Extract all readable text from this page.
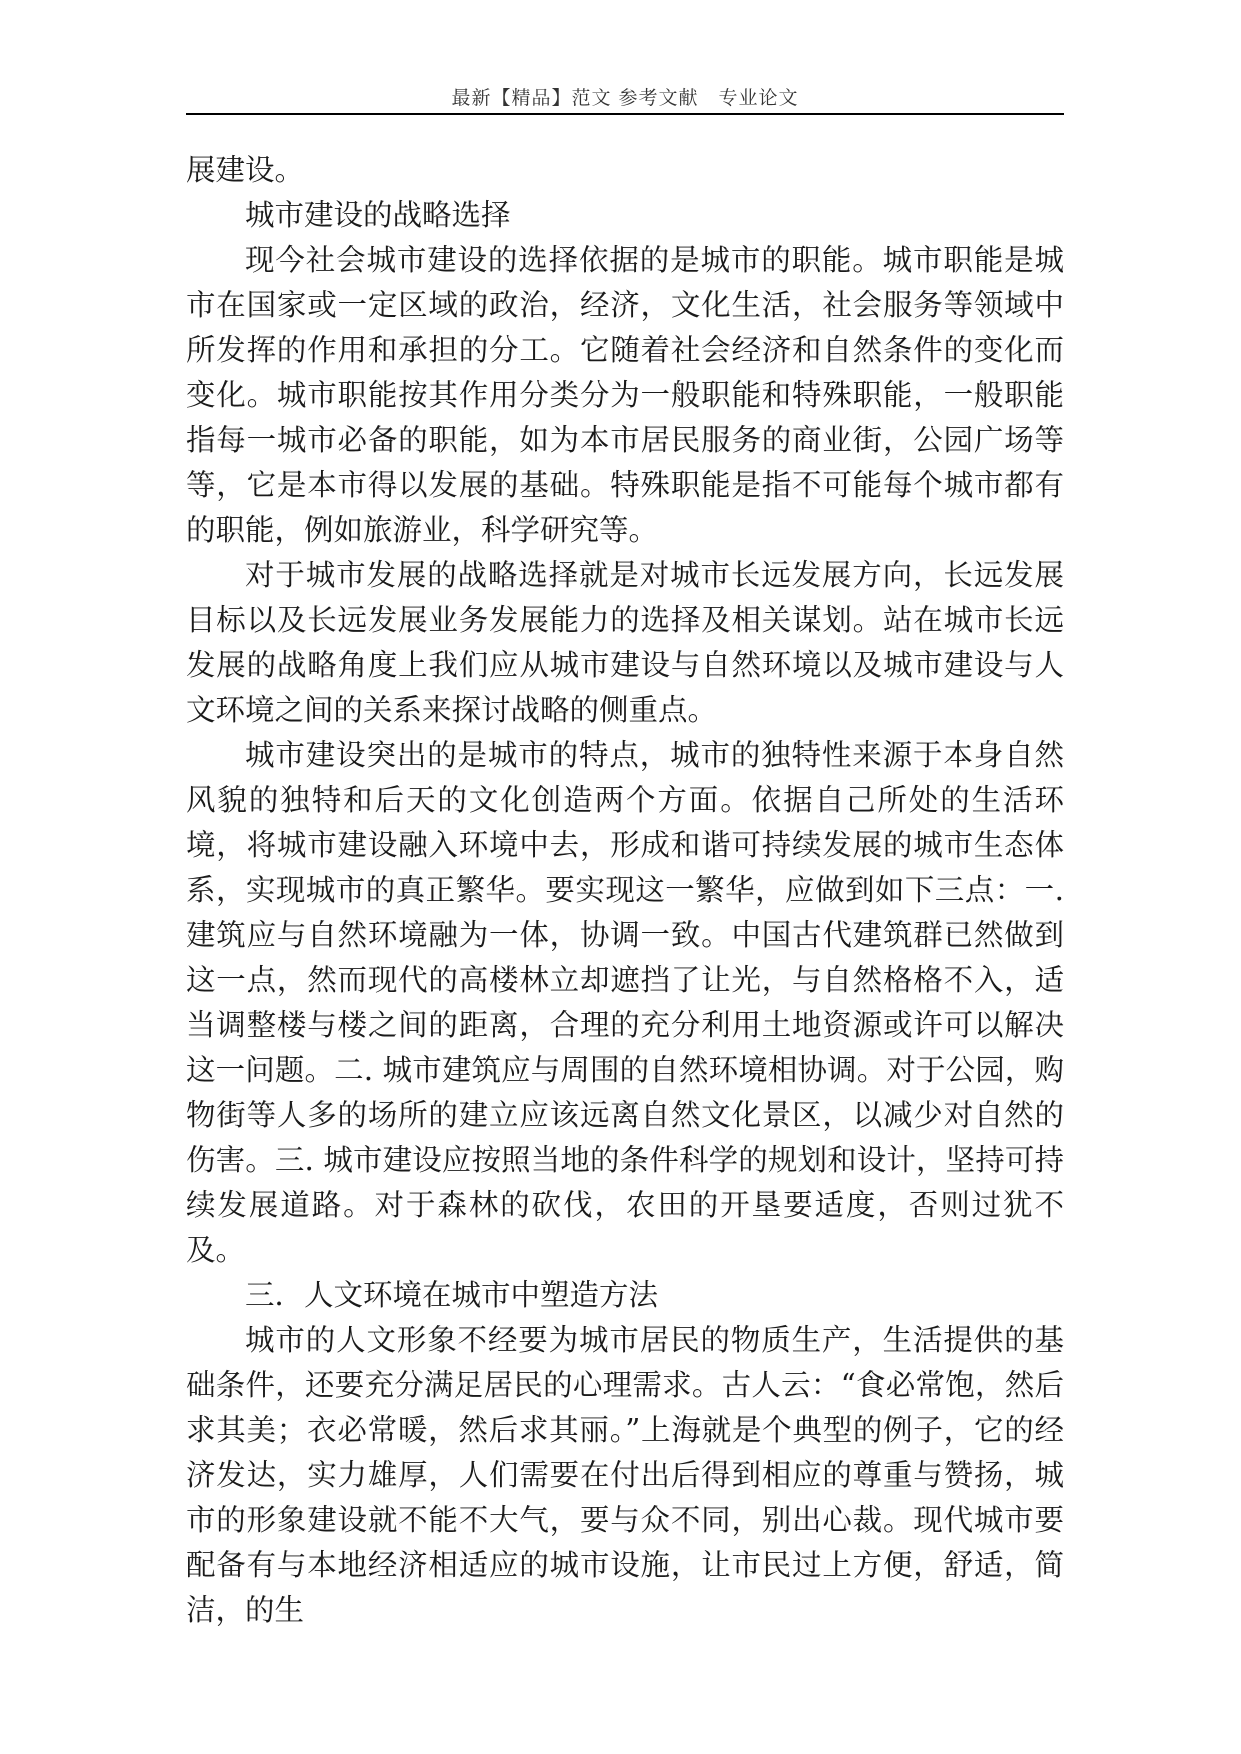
最新【精品】范文 参考文献　专业论文

展建设。

城市建设的战略选择

现今社会城市建设的选择依据的是城市的职能。城市职能是城市在国家或一定区域的政治，经济，文化生活，社会服务等领域中所发挥的作用和承担的分工。它随着社会经济和自然条件的变化而变化。城市职能按其作用分类分为一般职能和特殊职能，一般职能指每一城市必备的职能，如为本市居民服务的商业街，公园广场等等，它是本市得以发展的基础。特殊职能是指不可能每个城市都有的职能，例如旅游业，科学研究等。

对于城市发展的战略选择就是对城市长远发展方向，长远发展目标以及长远发展业务发展能力的选择及相关谋划。站在城市长远发展的战略角度上我们应从城市建设与自然环境以及城市建设与人文环境之间的关系来探讨战略的侧重点。

城市建设突出的是城市的特点，城市的独特性来源于本身自然风貌的独特和后天的文化创造两个方面。依据自己所处的生活环境，将城市建设融入环境中去，形成和谐可持续发展的城市生态体系，实现城市的真正繁华。要实现这一繁华，应做到如下三点：一. 建筑应与自然环境融为一体，协调一致。中国古代建筑群已然做到这一点，然而现代的高楼林立却遮挡了让光，与自然格格不入，适当调整楼与楼之间的距离，合理的充分利用土地资源或许可以解决这一问题。二. 城市建筑应与周围的自然环境相协调。对于公园，购物街等人多的场所的建立应该远离自然文化景区，以减少对自然的伤害。三. 城市建设应按照当地的条件科学的规划和设计，坚持可持续发展道路。对于森林的砍伐，农田的开垦要适度，否则过犹不及。

三．人文环境在城市中塑造方法

城市的人文形象不经要为城市居民的物质生产，生活提供的基础条件，还要充分满足居民的心理需求。古人云：“食必常饱，然后求其美；衣必常暖，然后求其丽。”上海就是个典型的例子，它的经济发达，实力雄厚，人们需要在付出后得到相应的尊重与赞扬，城市的形象建设就不能不大气，要与众不同，别出心裁。现代城市要配备有与本地经济相适应的城市设施，让市民过上方便，舒适，简洁，的生
